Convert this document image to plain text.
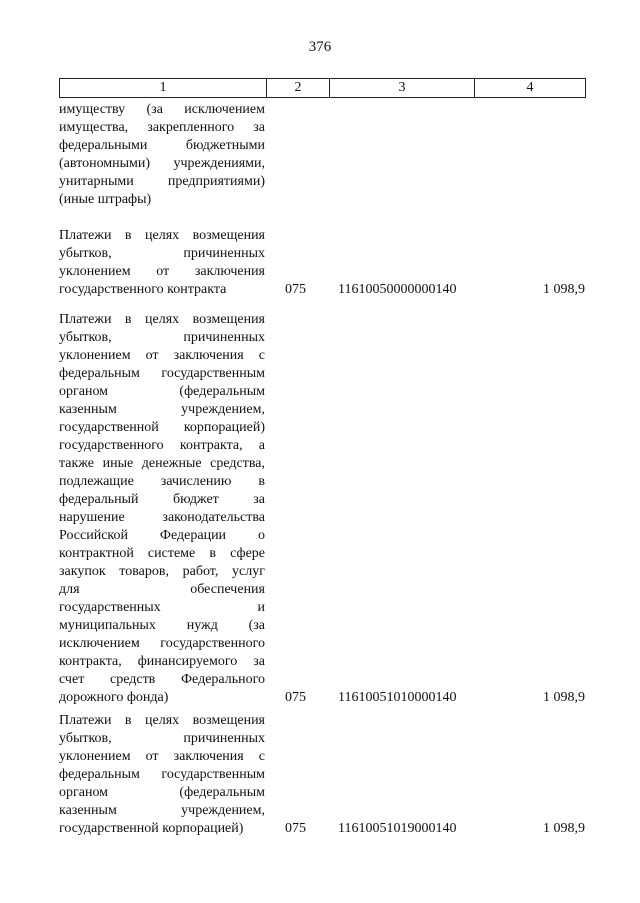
376
1	2	3	4
имуществу (за исключением
имущества, закрепленного за
федеральными бюджетными
(автономными) учреждениями,
унитарными предприятиями)
(иные штрафы)
Платежи в целях возмещения
убытков, причиненных
уклонением от заключения
государственного контракта	075 11610050000000140	1 098,9
Платежи в целях возмещения
убытков, причиненных
уклонением от заключения с
федеральным государственным
органом (федеральным
казенным учреждением,
государственной корпорацией)
государственного контракта, а
также иные денежные средства,
подлежащие зачислению в
федеральный бюджет за
нарушение законодательства
Российской Федерации о
контрактной системе в сфере
закупок товаров, работ, услуг
для обеспечения
государственных и
муниципальных нужд (за
исключением государственного
контракта, финансируемого за
счет средств Федерального
дорожного фонда)	075 11610051010000140	1 098,9
Платежи в целях возмещения
убытков, причиненных
уклонением от заключения с
федеральным государственным
органом (федеральным
казенным учреждением,
государственной корпорацией)	075 11610051019000140	1 098,9
